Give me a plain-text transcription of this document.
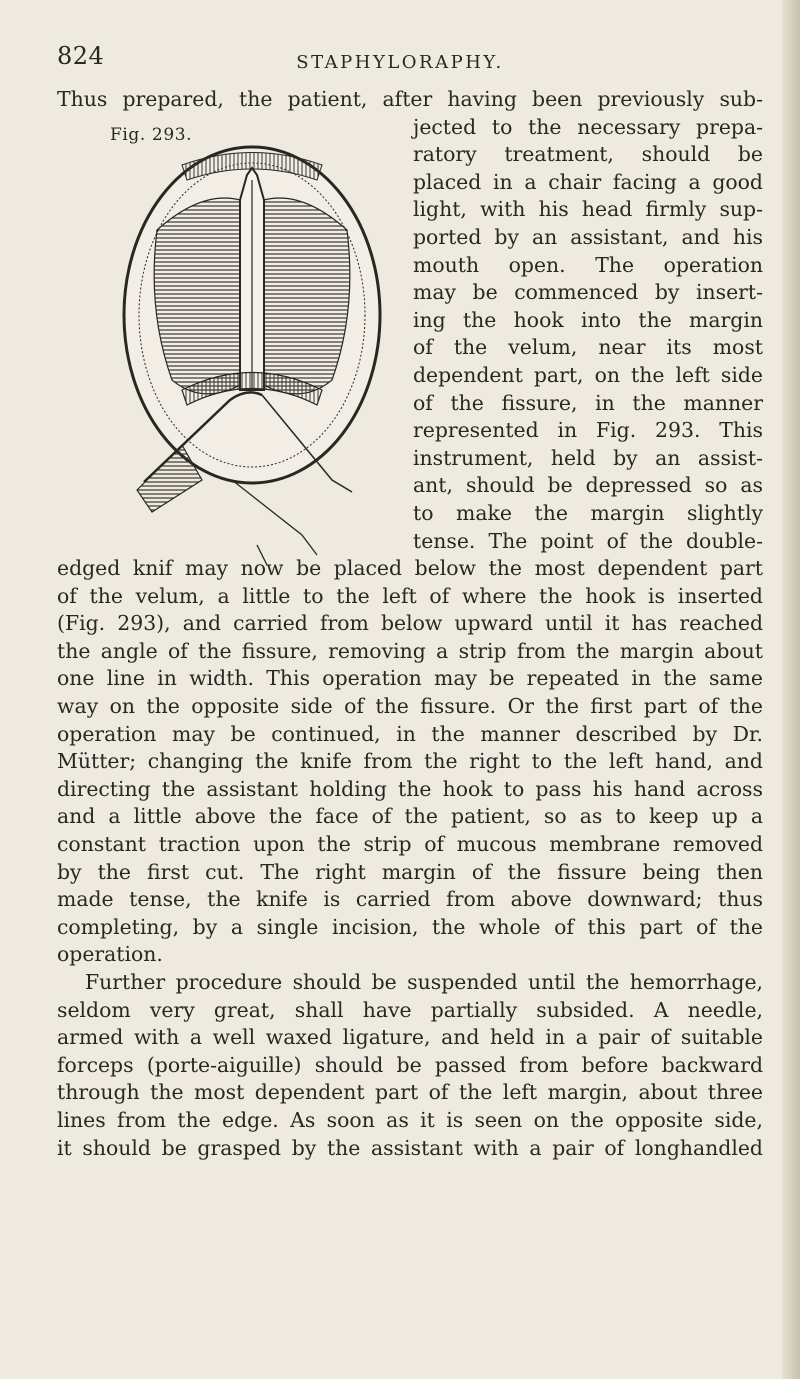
824	STAPHYLORAPHY.
Fig. 293.
Thus prepared, the patient, after having been previously sub-
jected to the necessary prepa-
ratory treatment, should be
placed in a chair facing a good
light, with his head firmly sup-
ported by an assistant, and his
mouth open. The operation
may be commenced by insert-
ing the hook into the margin
of the velum, near its most
dependent part, on the left side
of the fissure, in the manner
represented in Fig. 293. This
instrument, held by an assist-
ant, should be depressed so as
to make the margin slightly
tense. The point of the double-
edged knif may now be placed below the most dependent part
of the velum, a little to the left of where the hook is inserted
(Fig. 293), and carried from below upward until it has reached
the angle of the fissure, removing a strip from the margin about
one line in width. This operation may be repeated in the same
way on the opposite side of the fissure. Or the first part of the
operation may be continued, in the manner described by Dr.
Mütter; changing the knife from the right to the left hand, and
directing the assistant holding the hook to pass his hand across
and a little above the face of the patient, so as to keep up a
constant traction upon the strip of mucous membrane removed
by the first cut. The right margin of the fissure being then
made tense, the knife is carried from above downward; thus
completing, by a single incision, the whole of this part of the
operation.
Further procedure should be suspended until the hemorrhage,
seldom very great, shall have partially subsided. A needle,
armed with a well waxed ligature, and held in a pair of suitable
forceps (porte-aiguille) should be passed from before backward
through the most dependent part of the left margin, about three
lines from the edge. As soon as it is seen on the opposite side,
it should be grasped by the assistant with a pair of longhandled
